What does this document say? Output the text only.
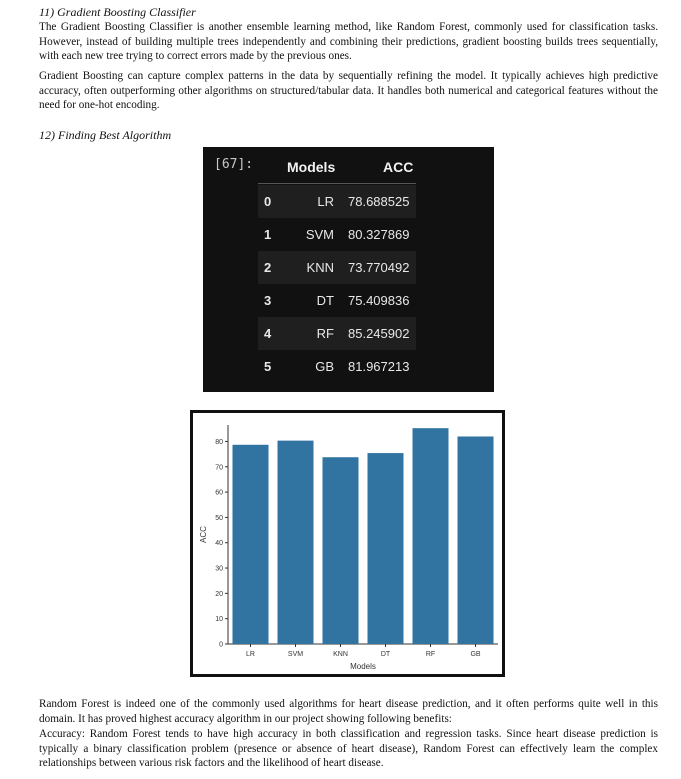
11) Gradient Boosting Classifier
The Gradient Boosting Classifier is another ensemble learning method, like Random Forest, commonly used for classification tasks. However, instead of building multiple trees independently and combining their predictions, gradient boosting builds trees sequentially, with each new tree trying to correct errors made by the previous ones.
Gradient Boosting can capture complex patterns in the data by sequentially refining the model. It typically achieves high predictive accuracy, often outperforming other algorithms on structured/tabular data. It handles both numerical and categorical features without the need for one-hot encoding.
12) Finding Best Algorithm
[67]: Models	ACC
0	LR 78.688525
1	SVM 80.327869
2	KNN 73.770492
3	DT 75.409836
4	RF 85.245902
5	GB 81.967213
0
10
20
30
40
50
60
70
80
LR	SVM	KNN	DT	RF	GB
Models
ACC
Random Forest is indeed one of the commonly used algorithms for heart disease prediction, and it often performs quite well in this domain. It has proved highest accuracy algorithm in our project showing following benefits:
Accuracy: Random Forest tends to have high accuracy in both classification and regression tasks. Since heart disease prediction is typically a binary classification problem (presence or absence of heart disease), Random Forest can effectively learn the complex relationships between various risk factors and the likelihood of heart disease.
